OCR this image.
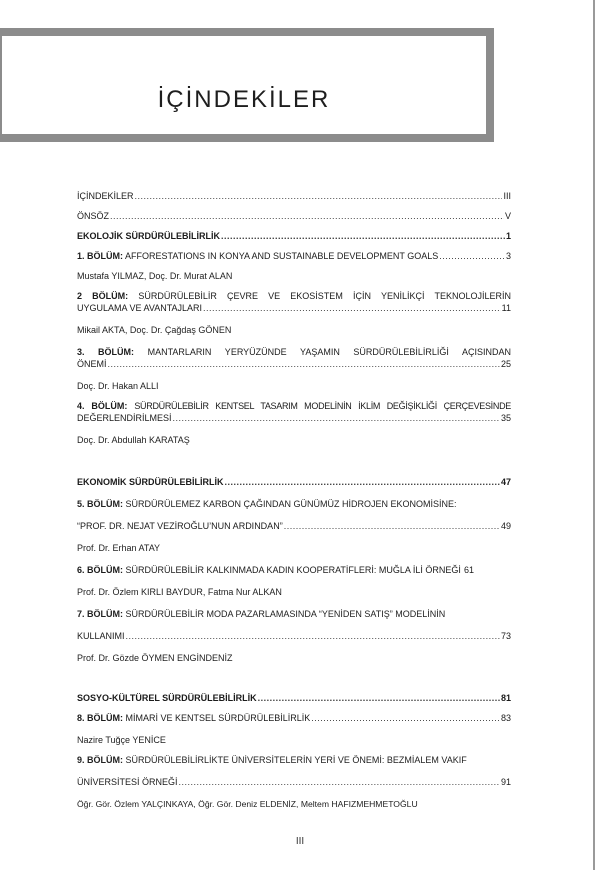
İÇİNDEKİLER
İÇİNDEKİLER .....	III
ÖNSÖZ .....	V
EKOLOJİK SÜRDÜRÜLEBİLİRLİK .....	1
1. BÖLÜM: AFFORESTATIONS IN KONYA AND SUSTAINABLE DEVELOPMENT GOALS .....	3
Mustafa YILMAZ, Doç. Dr. Murat ALAN
2 BÖLÜM: SÜRDÜRÜLEBİLİR ÇEVRE VE EKOSİSTEM İÇİN YENİLİKÇİ TEKNOLOJİLERİN
UYGULAMA VE AVANTAJLARI .....	11
Mikail AKTA, Doç. Dr. Çağdaş GÖNEN
3. BÖLÜM: MANTARLARIN YERYÜZÜNDE YAŞAMIN SÜRDÜRÜLEBİLİRLİĞİ AÇISINDAN
ÖNEMİ .....	25
Doç. Dr. Hakan ALLI
4. BÖLÜM: SÜRDÜRÜLEBİLİR KENTSEL TASARIM MODELİNİN İKLİM DEĞİŞİKLİĞİ ÇERÇEVESİNDE
DEĞERLENDİRİLMESİ .....	35
Doç. Dr. Abdullah KARATAŞ
EKONOMİK SÜRDÜRÜLEBİLİRLİK .....	47
5. BÖLÜM: SÜRDÜRÜLEMEZ KARBON ÇAĞINDAN GÜNÜMÜZ HİDROJEN EKONOMİSİNE:
“PROF. DR. NEJAT VEZİROĞLU’NUN ARDINDAN” .....	49
Prof. Dr. Erhan ATAY
6. BÖLÜM: SÜRDÜRÜLEBİLİR KALKINMADA KADIN KOOPERATİFLERİ: MUĞLA İLİ ÖRNEĞİ 61
Prof. Dr. Özlem KIRLI BAYDUR, Fatma Nur ALKAN
7. BÖLÜM: SÜRDÜRÜLEBİLİR MODA PAZARLAMASINDA “YENİDEN SATIŞ” MODELİNİN
KULLANIMI .....	73
Prof. Dr. Gözde ÖYMEN ENGİNDENİZ
SOSYO-KÜLTÜREL SÜRDÜRÜLEBİLİRLİK .....	81
8. BÖLÜM: MİMARİ VE KENTSEL SÜRDÜRÜLEBİLİRLİK .....	83
Nazire Tuğçe YENİCE
9. BÖLÜM: SÜRDÜRÜLEBİLİRLİKTE ÜNİVERSİTELERİN YERİ VE ÖNEMİ: BEZMİALEM VAKIF
ÜNİVERSİTESİ ÖRNEĞİ .....	91
Öğr. Gör. Özlem YALÇINKAYA, Öğr. Gör. Deniz ELDENİZ, Meltem HAFIZMEHMETOĞLU
III
